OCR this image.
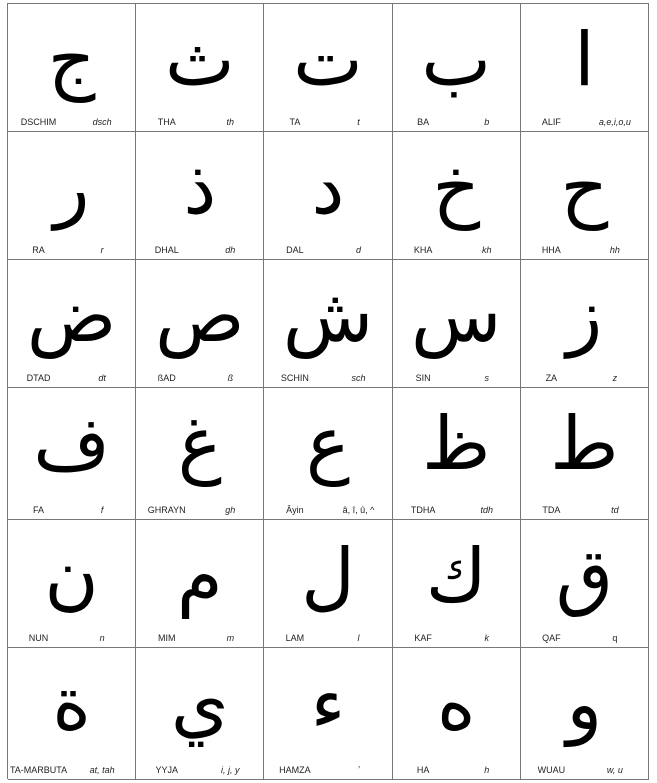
ج
DSCHIM	dsch
ث
THA	th
ت
TA	t
ب
BA	b
ا
ALIF	a,e,i,o,u
ر
RA	r
ذ
DHAL	dh
د
DAL	d
خ
KHA	kh
ح
HHA	hh
ض
DTAD	dt
ص
ßAD	ß
ش
SCHIN	sch
س
SIN	s
ز
ZA	z
ف
FA	f
غ
GHRAYN	gh
ع
Âyin	â, î, û, ^
ظ
TDHA	tdh
ط
TDA	td
ن
NUN	n
م
MIM	m
ل
LAM	l
ك
KAF	k
ق
QAF	q
ة
TA-MARBUTA	at, tah
ي
YYJA	i, j, y
ء
HAMZA	ʼ
ه
HA	h
و
WUAU	w, u
